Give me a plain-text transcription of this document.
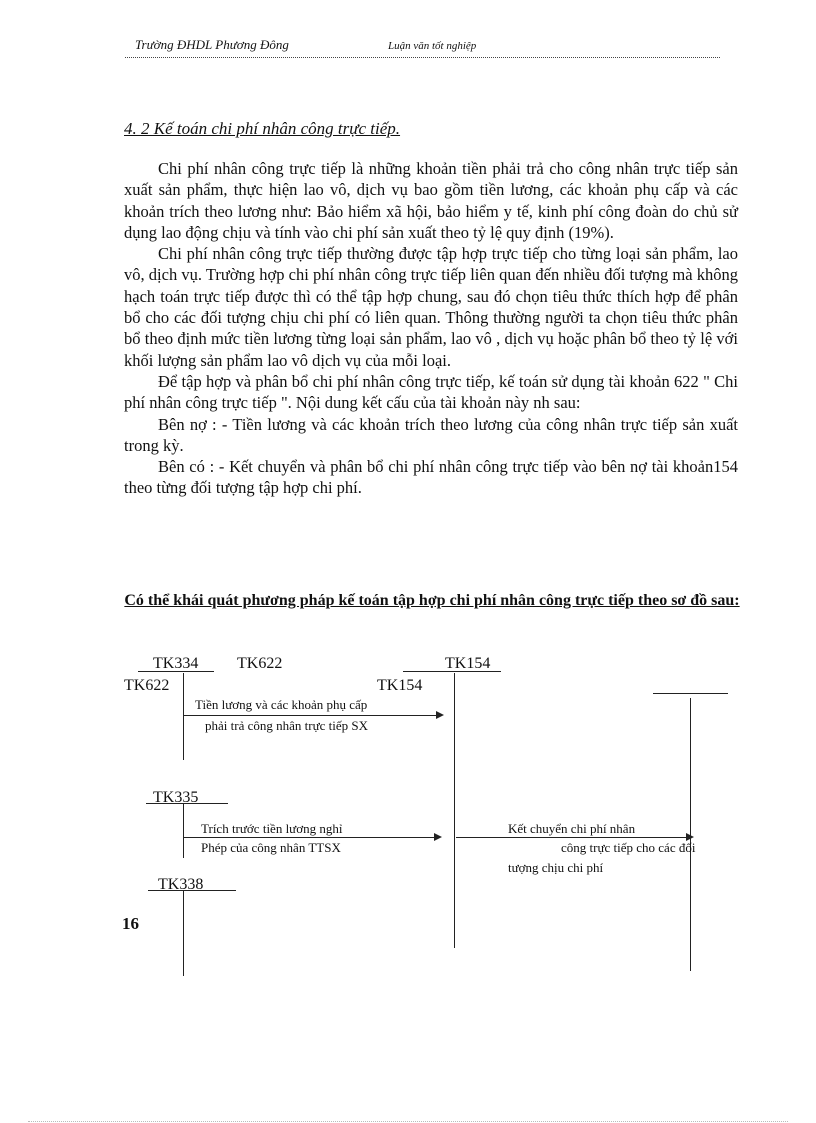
Trường ĐHDL Phương Đông	Luận văn tốt nghiệp
4. 2 Kế toán chi phí nhân công trực tiếp.

Chi phí nhân công trực tiếp là những khoản tiền phải trả cho công nhân trực tiếp sản xuất sản phẩm, thực hiện lao vô, dịch vụ bao gồm tiền lương, các khoản phụ cấp và các khoản trích theo lương như: Bảo hiểm xã hội, bảo hiểm y tế, kinh phí công đoàn do chủ sử dụng lao động chịu và tính vào chi phí sản xuất theo tỷ lệ quy định (19%).

Chi phí nhân công trực tiếp thường được tập hợp trực tiếp cho từng loại sản phẩm, lao vô, dịch vụ. Trường hợp chi phí nhân công trực tiếp liên quan đến nhiều đối tượng mà không hạch toán trực tiếp được thì có thể tập hợp chung, sau đó chọn tiêu thức thích hợp để phân bổ cho các đối tượng chịu chi phí có liên quan. Thông thường người ta chọn tiêu thức phân bổ theo định mức tiền lương từng loại sản phẩm, lao vô , dịch vụ hoặc phân bổ theo tỷ lệ với khối lượng sản phẩm lao vô dịch vụ của mỗi loại.

Để tập hợp và phân bổ chi phí nhân công trực tiếp, kế toán sử dụng tài khoản 622 " Chi phí nhân công trực tiếp ". Nội dung kết cấu của tài khoản này nh sau:

Bên nợ : - Tiền lương và các khoản trích theo lương của công nhân trực tiếp sản xuất trong kỳ.

Bên có : - Kết chuyển và phân bổ chi phí nhân công trực tiếp vào bên nợ tài khoản154 theo từng đối tượng tập hợp chi phí.

Có thể khái quát phương pháp kế toán tập hợp chi phí nhân công trực tiếp theo sơ đồ sau:
TK334 TK622	TK154
TK622	TK154
Tiền lương và các khoản phụ cấp
phải trả công nhân trực tiếp SX
TK335
Trích trước tiền lương nghỉ
Phép của công nhân TTSX
Kết chuyển chi phí nhân
công trực tiếp cho các đối
tượng chịu chi phí
TK338
16
